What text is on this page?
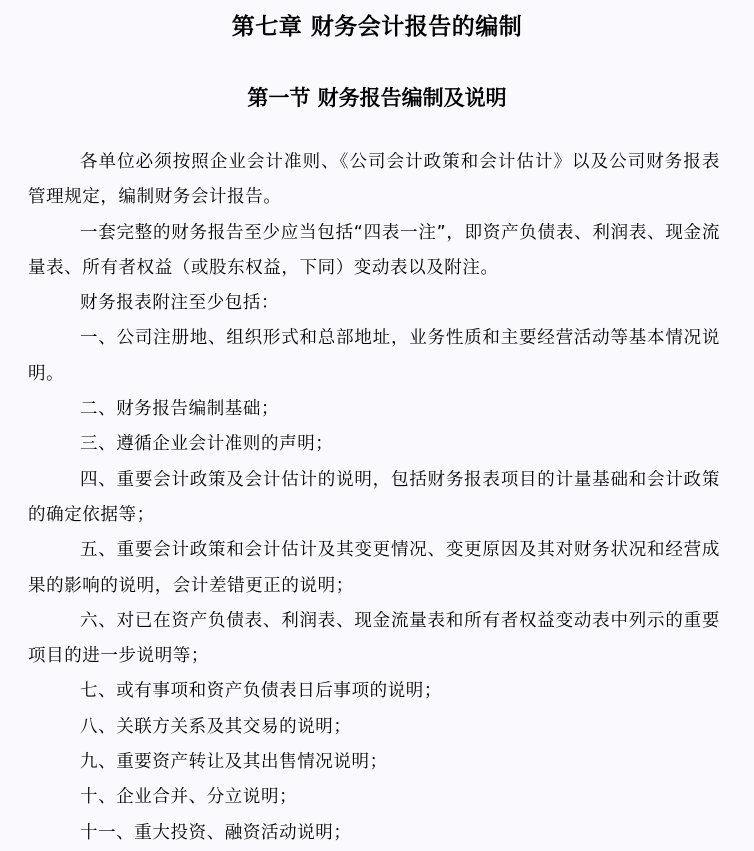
第七章 财务会计报告的编制
第一节 财务报告编制及说明

各单位必须按照企业会计准则、《公司会计政策和会计估计》以及公司财务报表管理规定，编制财务会计报告。

一套完整的财务报告至少应当包括“四表一注”，即资产负债表、利润表、现金流量表、所有者权益（或股东权益，下同）变动表以及附注。

财务报表附注至少包括：

一、公司注册地、组织形式和总部地址，业务性质和主要经营活动等基本情况说明。

二、财务报告编制基础；

三、遵循企业会计准则的声明；

四、重要会计政策及会计估计的说明，包括财务报表项目的计量基础和会计政策的确定依据等；

五、重要会计政策和会计估计及其变更情况、变更原因及其对财务状况和经营成果的影响的说明，会计差错更正的说明；

六、对已在资产负债表、利润表、现金流量表和所有者权益变动表中列示的重要项目的进一步说明等；

七、或有事项和资产负债表日后事项的说明；

八、关联方关系及其交易的说明；

九、重要资产转让及其出售情况说明；

十、企业合并、分立说明；

十一、重大投资、融资活动说明；
